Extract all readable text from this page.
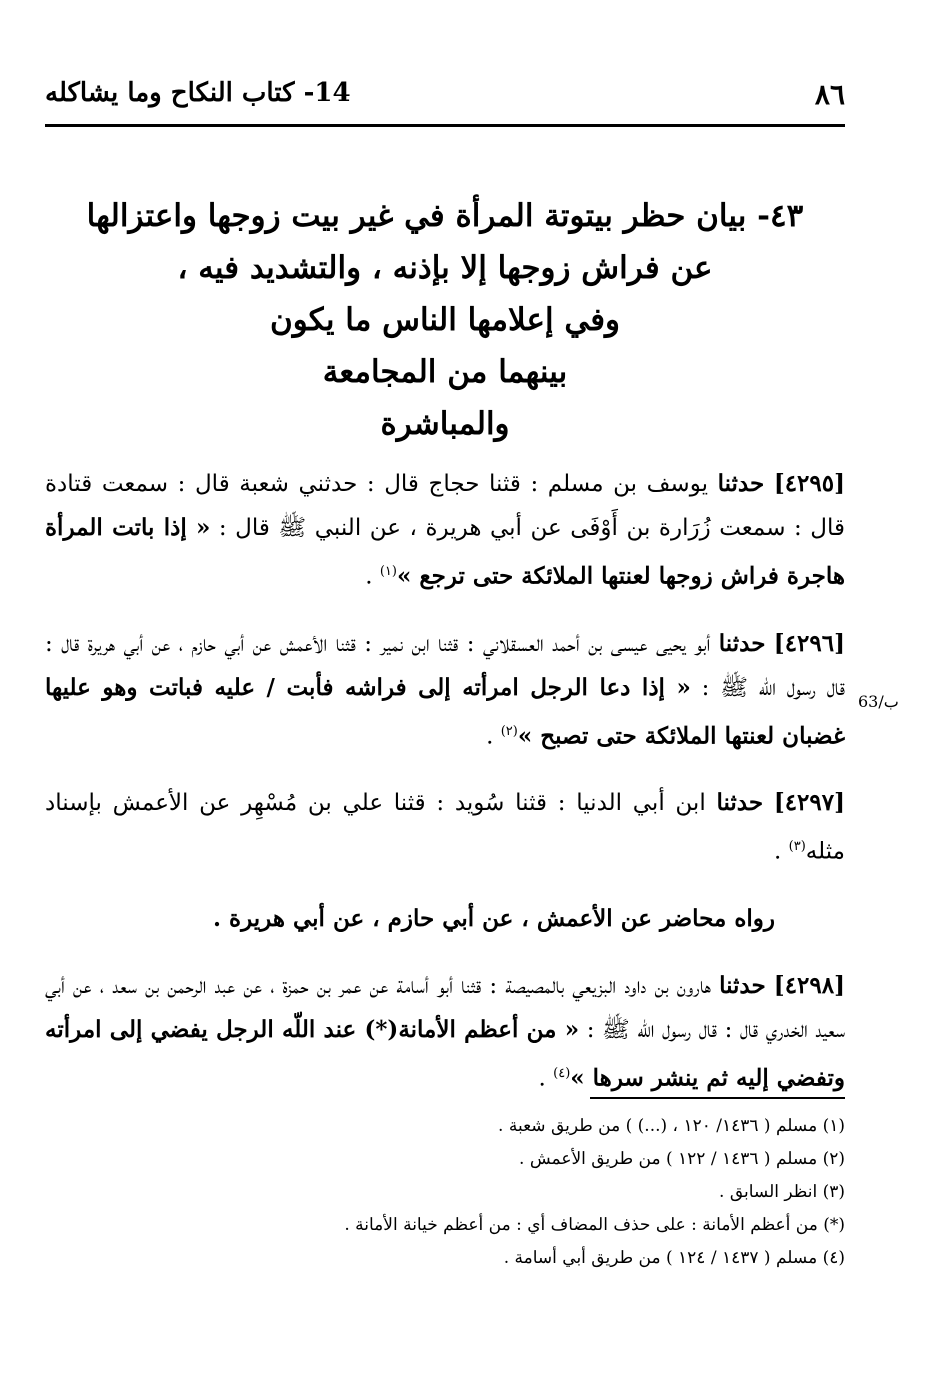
٨٦
14- كتاب النكاح وما يشاكله
٤٣- بيان حظر بيتوتة المرأة في غير بيت زوجها واعتزالها
عن فراش زوجها إلا بإذنه ، والتشديد فيه ،
وفي إعلامها الناس ما يكون
بينهما من المجامعة
والمباشرة
63/ب

[٤٢٩٥] حدثنا يوسف بن مسلم : قثنا حجاج قال : حدثني شعبة قال : سمعت قتادة قال : سمعت زُرَارة بن أَوْفَى عن أبي هريرة ، عن النبي ﷺ قال : « إذا باتت المرأة هاجرة فراش زوجها لعنتها الملائكة حتى ترجع »$^{(١)}$ .

[٤٢٩٦] حدثنا أبو يحيى عيسى بن أحمد العسقلاني : قثنا ابن نمير : قثنا الأعمش عن أبي حازم ، عن أبي هريرة قال : قال رسول اللّه ﷺ : « إذا دعا الرجل امرأته إلى فراشه فأبت / عليه فباتت وهو عليها غضبان لعنتها الملائكة حتى تصبح »$^{(٢)}$ .

[٤٢٩٧] حدثنا ابن أبي الدنيا : قثنا سُويد : قثنا علي بن مُسْهِر عن الأعمش بإسناد مثله$^{(٣)}$ .

رواه محاضر عن الأعمش ، عن أبي حازم ، عن أبي هريرة .

[٤٢٩٨] حدثنا هارون بن داود البزيعي بالمصيصة : قثنا أبو أسامة عن عمر بن حمزة ، عن عبد الرحمن بن سعد ، عن أبي سعيد الخدري قال : قال رسول اللّه ﷺ : « من أعظم الأمانة(*) عند اللّه الرجل يفضي إلى امرأته وتفضي إليه ثم ينشر سرها »$^{(٤)}$ .

(١) مسلم ( ١٤٣٦/ ١٢٠ ، (...) ) من طريق شعبة .
(٢) مسلم ( ١٤٣٦ / ١٢٢ ) من طريق الأعمش .
(٣) انظر السابق .
(*) من أعظم الأمانة : على حذف المضاف أي : من أعظم خيانة الأمانة .
(٤) مسلم ( ١٤٣٧ / ١٢٤ ) من طريق أبي أسامة .
